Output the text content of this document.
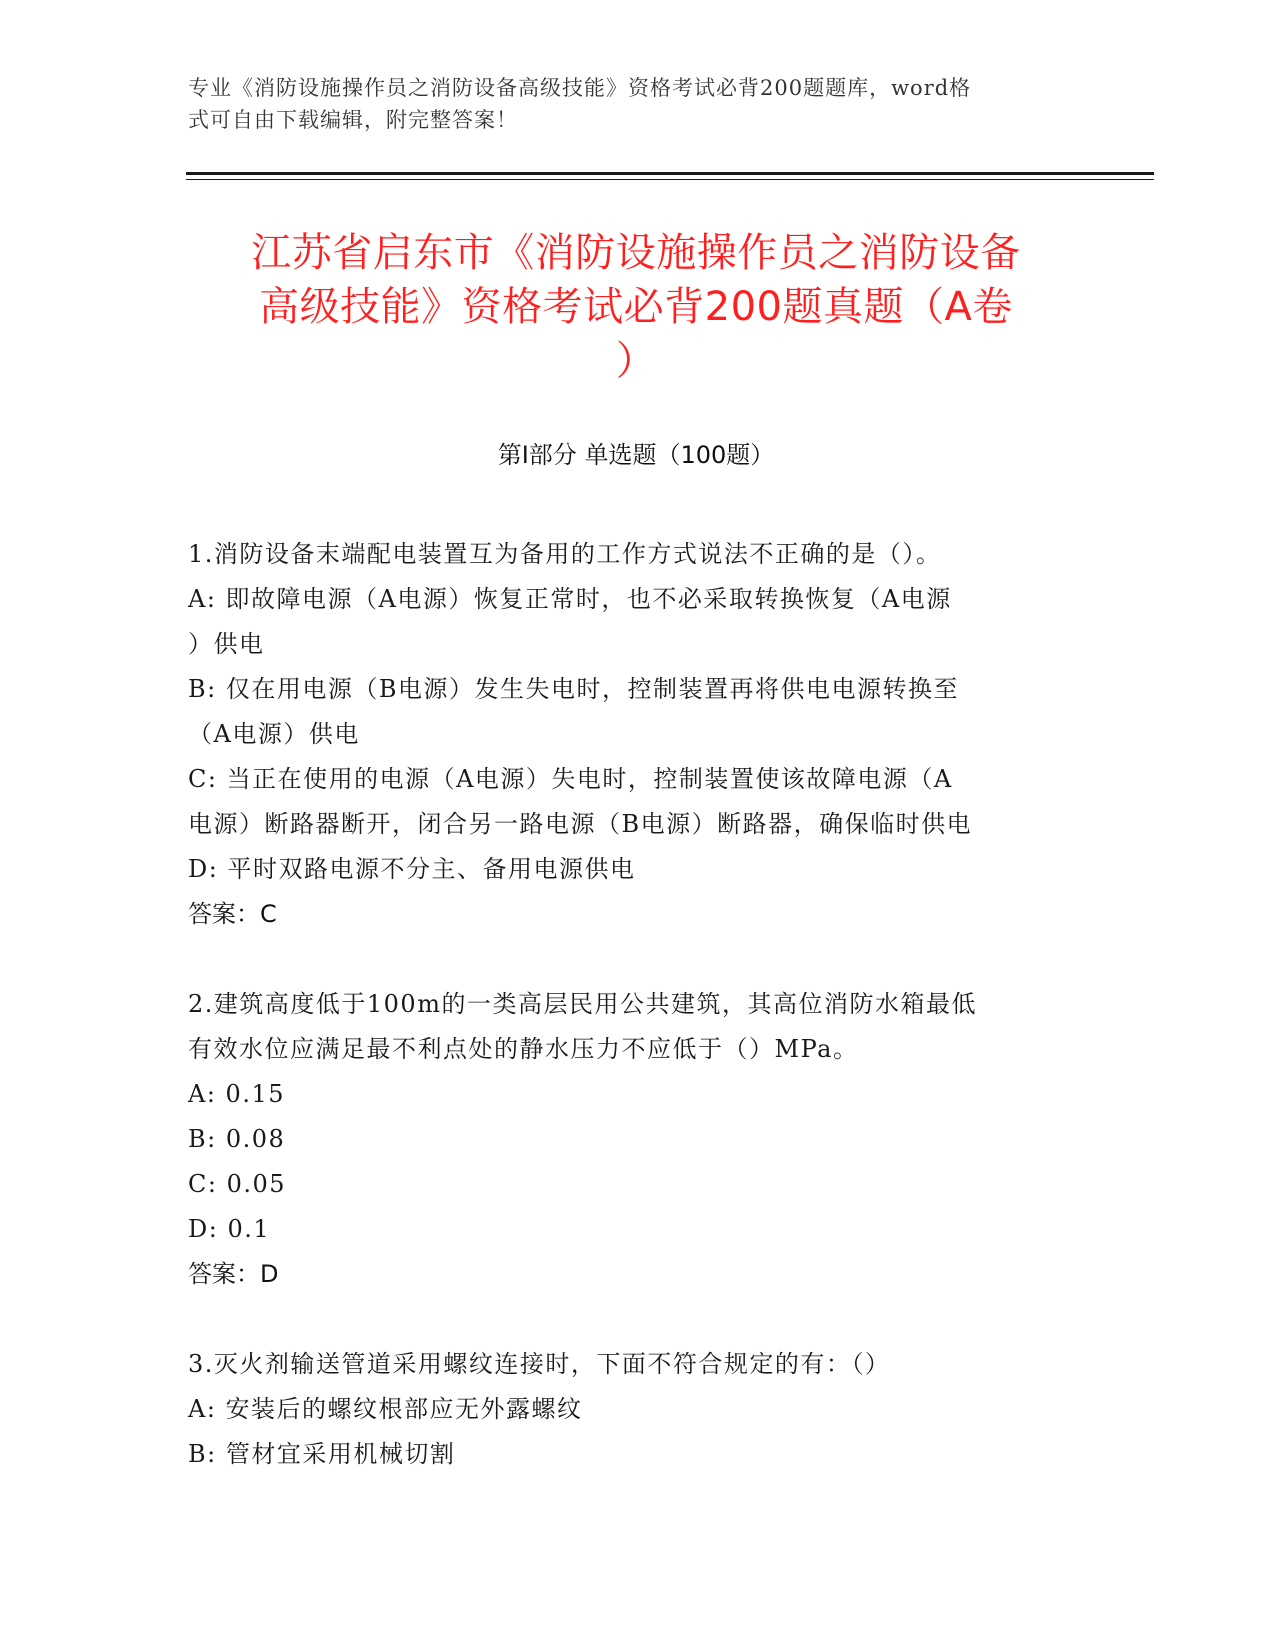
专业《消防设施操作员之消防设备高级技能》资格考试必背200题题库，word格
式可自由下载编辑，附完整答案！
江苏省启东市《消防设施操作员之消防设备
高级技能》资格考试必背200题真题（A卷
）
第Ⅰ部分 单选题（100题）

1.消防设备末端配电装置互为备用的工作方式说法不正确的是（）。

A: 即故障电源（A电源）恢复正常时，也不必采取转换恢复（A电源

）供电

B: 仅在用电源（B电源）发生失电时，控制装置再将供电电源转换至

（A电源）供电

C: 当正在使用的电源（A电源）失电时，控制装置使该故障电源（A

电源）断路器断开，闭合另一路电源（B电源）断路器，确保临时供电

D: 平时双路电源不分主、备用电源供电

答案：C

2.建筑高度低于100m的一类高层民用公共建筑，其高位消防水箱最低

有效水位应满足最不利点处的静水压力不应低于（）MPa。

A: 0.15

B: 0.08

C: 0.05

D: 0.1

答案：D

3.灭火剂输送管道采用螺纹连接时，下面不符合规定的有：（）

A: 安装后的螺纹根部应无外露螺纹

B: 管材宜采用机械切割
